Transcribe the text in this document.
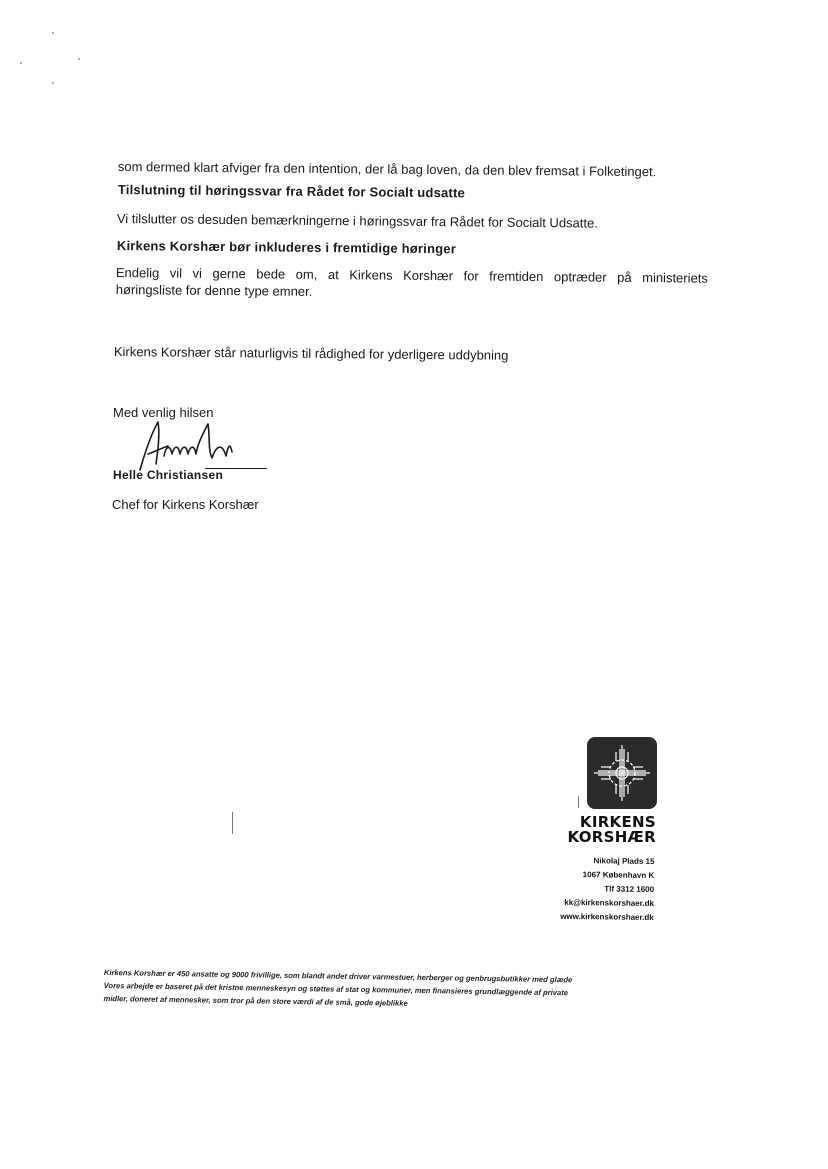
som dermed klart afviger fra den intention, der lå bag loven, da den blev fremsat i Folketinget.

Tilslutning til høringssvar fra Rådet for Socialt udsatte

Vi tilslutter os desuden bemærkningerne i høringssvar fra Rådet for Socialt Udsatte.

Kirkens Korshær bør inkluderes i fremtidige høringer

Endelig vil vi gerne bede om, at Kirkens Korshær for fremtiden optræder på ministeriets
høringsliste for denne type emner.

Kirkens Korshær står naturligvis til rådighed for yderligere uddybning

Med venlig hilsen

Helle Christiansen

Chef for Kirkens Korshær

KIRKENS
KORSHÆR

Nikolaj Plads 15
1067 København K
Tlf 3312 1600
kk@kirkenskorshaer.dk
www.kirkenskorshaer.dk

Kirkens Korshær er 450 ansatte og 9000 frivillige, som blandt andet driver varmestuer, herberger og genbrugsbutikker med glæde
Vores arbejde er baseret på det kristne menneskesyn og støttes af stat og kommuner, men finansieres grundlæggende af private
midler, doneret af mennesker, som tror på den store værdi af de små, gode øjeblikke
